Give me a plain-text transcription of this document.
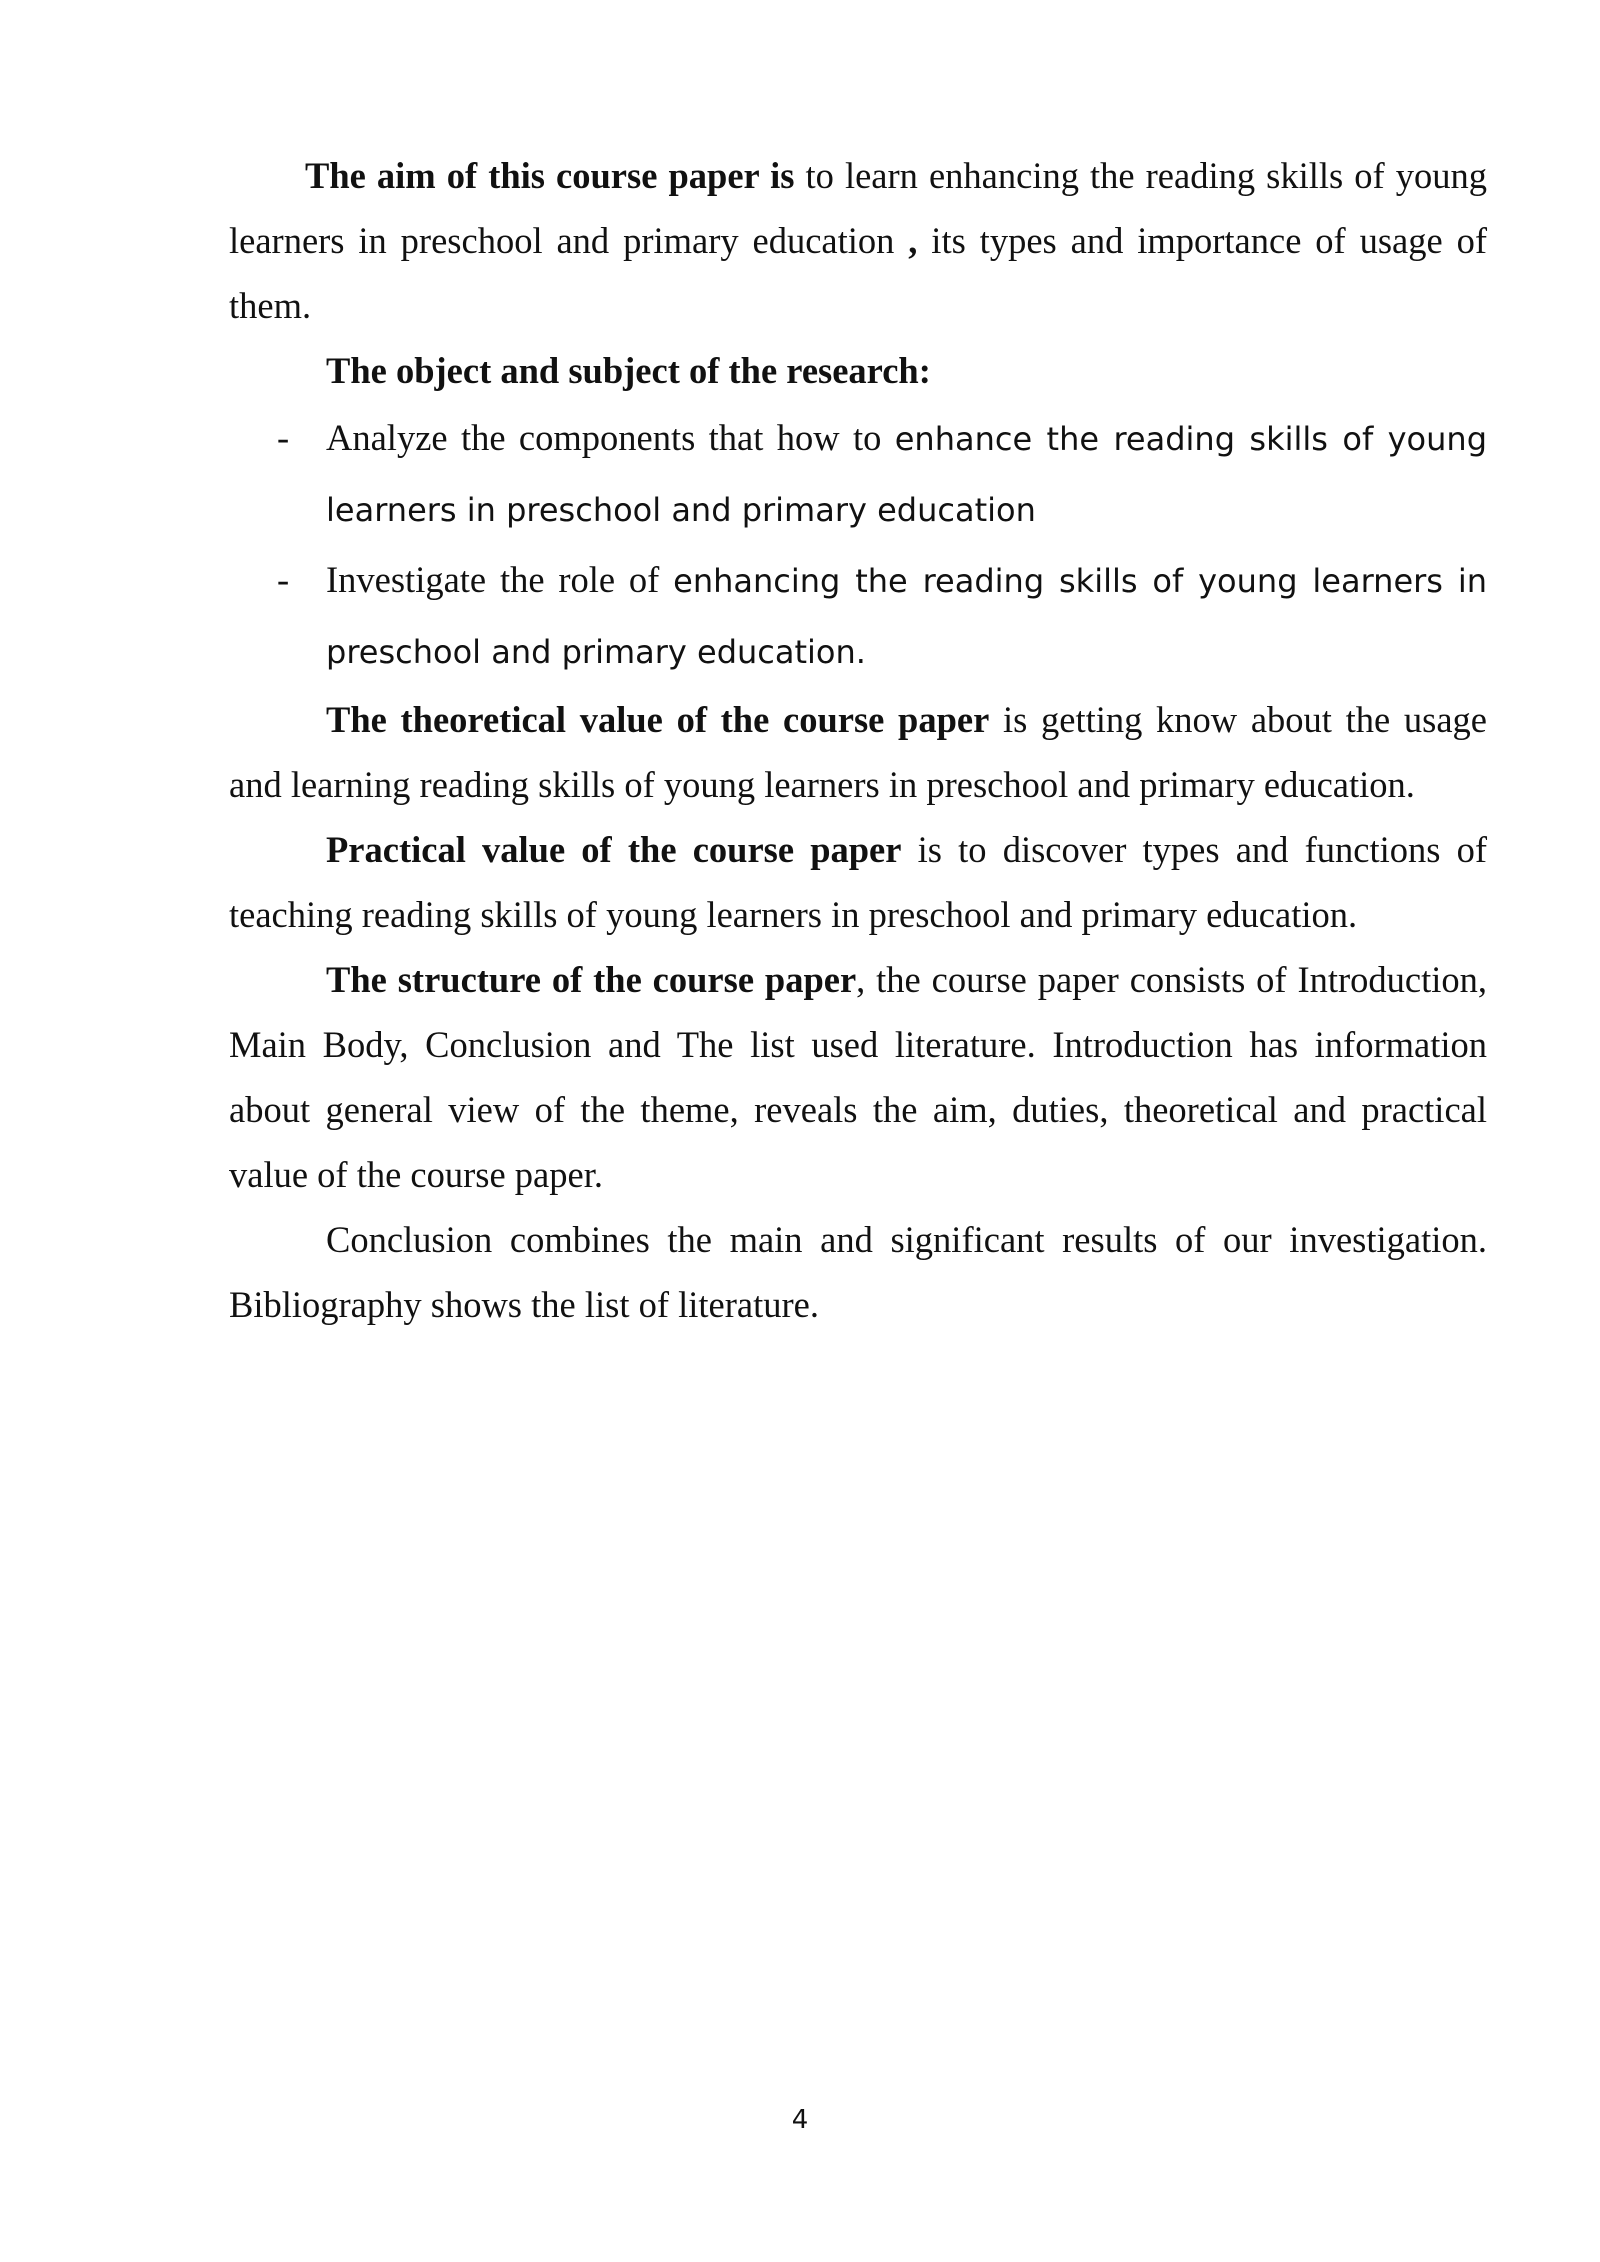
The aim of this course paper is to learn enhancing the reading skills of young learners in preschool and primary education , its types and importance of usage of them.

The object and subject of the research:

- Analyze the components that how to enhance the reading skills of young learners in preschool and primary education

- Investigate the role of enhancing the reading skills of young learners in preschool and primary education.

The theoretical value of the course paper is getting know about the usage and learning reading skills of young learners in preschool and primary education.

Practical value of the course paper is to discover types and functions of teaching reading skills of young learners in preschool and primary education.

The structure of the course paper, the course paper consists of Introduction, Main Body, Conclusion and The list used literature. Introduction has information about general view of the theme, reveals the aim, duties, theoretical and practical value of the course paper.

Conclusion combines the main and significant results of our investigation. Bibliography shows the list of literature.

4
